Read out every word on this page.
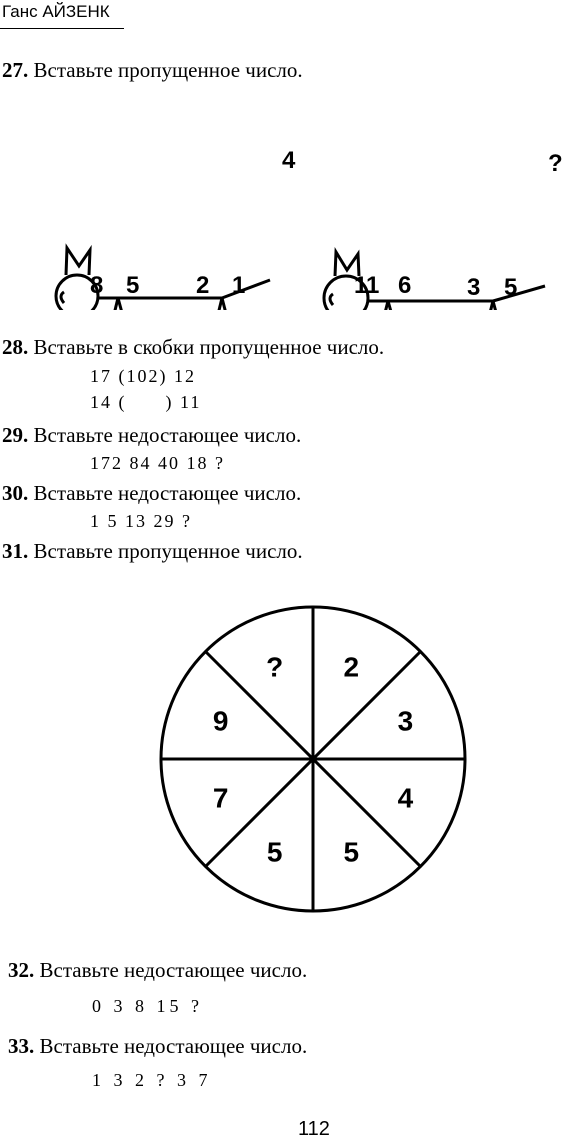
Ганс АЙЗЕНК
27. Вставьте пропущенное число.
4
8 5 2 1
?
11 6 3 5
28. Вставьте в скобки пропущенное число.
17 (102) 12
14 (      ) 11
29. Вставьте недостающее число.
172 84 40 18 ?
30. Вставьте недостающее число.
1 5 13 29 ?
31. Вставьте пропущенное число.
2
3
4
5
5
7
9
?
32. Вставьте недостающее число.
0 3 8 15 ?
33. Вставьте недостающее число.
1 3 2 ? 3 7
112
